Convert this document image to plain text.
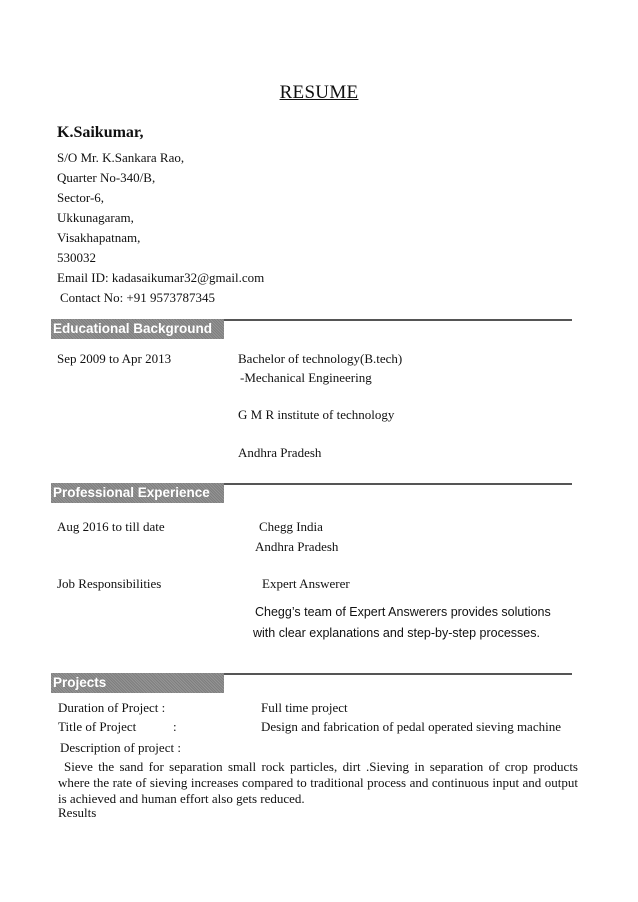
RESUME
K.Saikumar,
S/O Mr. K.Sankara Rao,
Quarter No-340/B,
Sector-6,
Ukkunagaram,
Visakhapatnam,
530032
Email ID: kadasaikumar32@gmail.com
Contact No: +91 9573787345
Educational Background
Sep 2009 to Apr 2013	Bachelor of technology(B.tech)
-Mechanical Engineering
G M R institute of technology
Andhra Pradesh
Professional Experience
Aug 2016 to till date	Chegg India
Andhra Pradesh
Job Responsibilities	Expert Answerer
Chegg’s team of Expert Answerers provides solutions
with clear explanations and step-by-step processes.
Projects
Duration of Project :	Full time project
Title of Project	:	Design and fabrication of pedal operated sieving machine
Description of project :
Sieve the sand for separation small rock particles, dirt .Sieving in separation of crop products where the rate of sieving increases compared to traditional process and continuous input and output is achieved and human effort also gets reduced.
Results
